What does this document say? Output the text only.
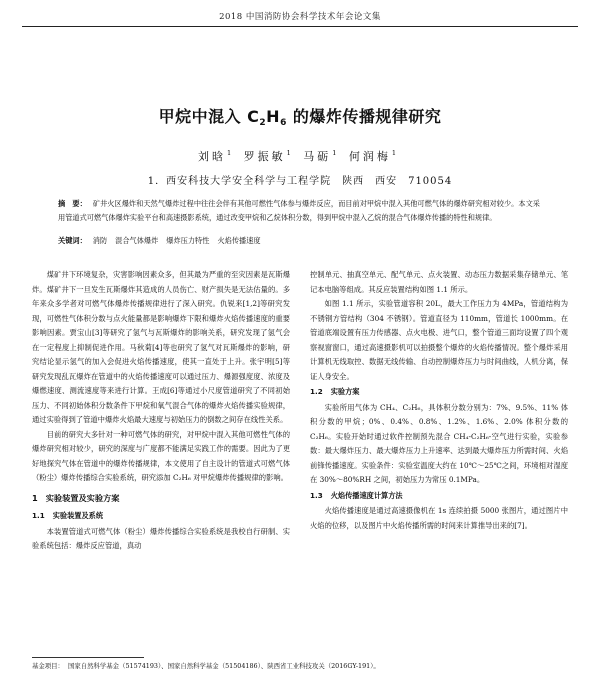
2018 中国消防协会科学技术年会论文集
甲烷中混入 $C_2H_6$ 的爆炸传播规律研究
刘晗$^1$ 罗振敏$^1$ 马砺$^1$ 何润梅$^1$
1．西安科技大学安全科学与工程学院　陕西　西安　710054
摘　要： 矿井火区爆炸和天然气爆炸过程中往往会伴有其他可燃性气体参与爆炸反应，而目前对甲烷中混入其他可燃气体的爆炸研究相对较少。本文采用管道式可燃气体爆炸实验平台和高速摄影系统，通过改变甲烷和乙烷体积分数，得到甲烷中混入乙烷的混合气体爆炸传播的特性和规律。
关键词： 消防 混合气体爆炸 爆炸压力特性 火焰传播速度

煤矿井下环境复杂，灾害影响因素众多，但其最为严重的至灾因素是瓦斯爆炸。煤矿井下一旦发生瓦斯爆炸其造成的人员伤亡、财产损失是无法估量的。多年来众多学者对可燃气体爆炸传播规律进行了深入研究。仇锐来[1,2]等研究发现，可燃性气体积分数与点火能量都是影响爆炸下限和爆炸火焰传播速度的重要影响因素。贾宝山[3]等研究了氢气与瓦斯爆炸的影响关系，研究发现了氢气会在一定程度上抑制促进作用。马秋菊[4]等也研究了氢气对瓦斯爆炸的影响，研究结论显示氢气的加入会促进火焰传播速度，使其一直处于上升。张宇明[5]等研究发现乱瓦爆炸在管道中的火焰传播速度可以通过压力、爆源强度度、浓度及爆燃速度、测流速度等来进行计算。王成[6]等通过小尺度管道研究了不同初始压力、不同初始体积分数条件下甲烷和氧气混合气体的爆炸火焰传播实验规律，通过实验得到了管道中爆炸火焰最大速度与初始压力的倒数之间存在线性关系。

目前的研究大多针对一种可燃气体的研究，对甲烷中混入其他可燃性气体的爆炸研究相对较少，研究的深度与广度都不能满足实践工作的需要。因此为了更好地探究气体在管道中的爆炸传播规律，本文使用了自主设计的管道式可燃气体（粉尘）爆炸传播综合实验系统，研究添加 C₂H₆ 对甲烷爆炸传播规律的影响。

1 实验装置及实验方案
1.1 实验装置及系统

本装置管道式可燃气体（粉尘）爆炸传播综合实验系统是我校自行研制、实验系统包括：爆炸反应管道，真动

控制单元、抽真空单元、配气单元、点火装置、动态压力数据采集存储单元、笔记本电脑等组成。其反应装置结构如图 1.1 所示。

如图 1.1 所示，实验管道容积 20L，最大工作压力为 4MPa，管道结构为不锈钢方管结构（304 不锈钢）。管道直径为 110mm，管道长 1000mm。在管道底端设置有压力传感器、点火电极、进气口，整个管道三面均设置了四个观察视窗窗口，通过高速摄影机可以拍摄整个爆炸的火焰传播情况。整个爆炸采用计算机无线取控、数据无线传输、自动控制爆炸压力与时间曲线，人机分离，保证人身安全。

1.2 实验方案

实验所用气体为 CH₄、C₂H₆，具体积分数分别为：7%、9.5%、11% 体积分数的甲烷；0%、0.4%、0.8%、1.2%、1.6%、2.0% 体积分数的 C₂H₆。实验开始时通过软件控制预先混合 CH₄-C₂H₆-空气进行实验，实验参数：最大爆炸压力、最大爆炸压力上升速率、达到最大爆炸压力所需时间、火焰前锋传播速度。实验条件：实验室温度大约在 10℃～25℃之间，环境相对湿度在 30%～80%RH 之间，初始压力为常压 0.1MPa。

1.3 火焰传播速度计算方法

火焰传播速度是通过高速摄像机在 1s 连续拍摄 5000 张图片，通过图片中火焰的位移，以及图片中火焰传播所需的时间来计算推导出来的[7]。

基金项目： 国家自然科学基金（51574193）、国家自然科学基金（51504186）、陕西省工业科技攻关（2016GY-191）。
